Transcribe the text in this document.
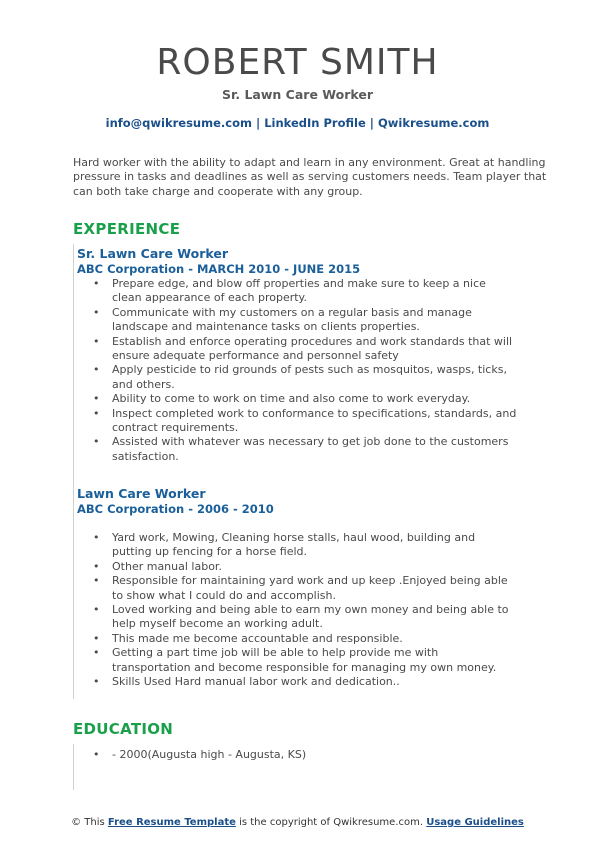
ROBERT SMITH
Sr. Lawn Care Worker
info@qwikresume.com | LinkedIn Profile | Qwikresume.com
Hard worker with the ability to adapt and learn in any environment. Great at handling pressure in tasks and deadlines as well as serving customers needs. Team player that can both take charge and cooperate with any group.
EXPERIENCE
Sr. Lawn Care Worker
ABC Corporation - MARCH 2010 - JUNE 2015
• Prepare edge, and blow off properties and make sure to keep a nice clean appearance of each property.
• Communicate with my customers on a regular basis and manage landscape and maintenance tasks on clients properties.
• Establish and enforce operating procedures and work standards that will ensure adequate performance and personnel safety
• Apply pesticide to rid grounds of pests such as mosquitos, wasps, ticks, and others.
• Ability to come to work on time and also come to work everyday.
• Inspect completed work to conformance to specifications, standards, and contract requirements.
• Assisted with whatever was necessary to get job done to the customers satisfaction.
Lawn Care Worker
ABC Corporation - 2006 - 2010
• Yard work, Mowing, Cleaning horse stalls, haul wood, building and putting up fencing for a horse field.
• Other manual labor.
• Responsible for maintaining yard work and up keep .Enjoyed being able to show what I could do and accomplish.
• Loved working and being able to earn my own money and being able to help myself become an working adult.
• This made me become accountable and responsible.
• Getting a part time job will be able to help provide me with transportation and become responsible for managing my own money.
• Skills Used Hard manual labor work and dedication..
EDUCATION
• - 2000(Augusta high - Augusta, KS)
© This Free Resume Template is the copyright of Qwikresume.com. Usage Guidelines
